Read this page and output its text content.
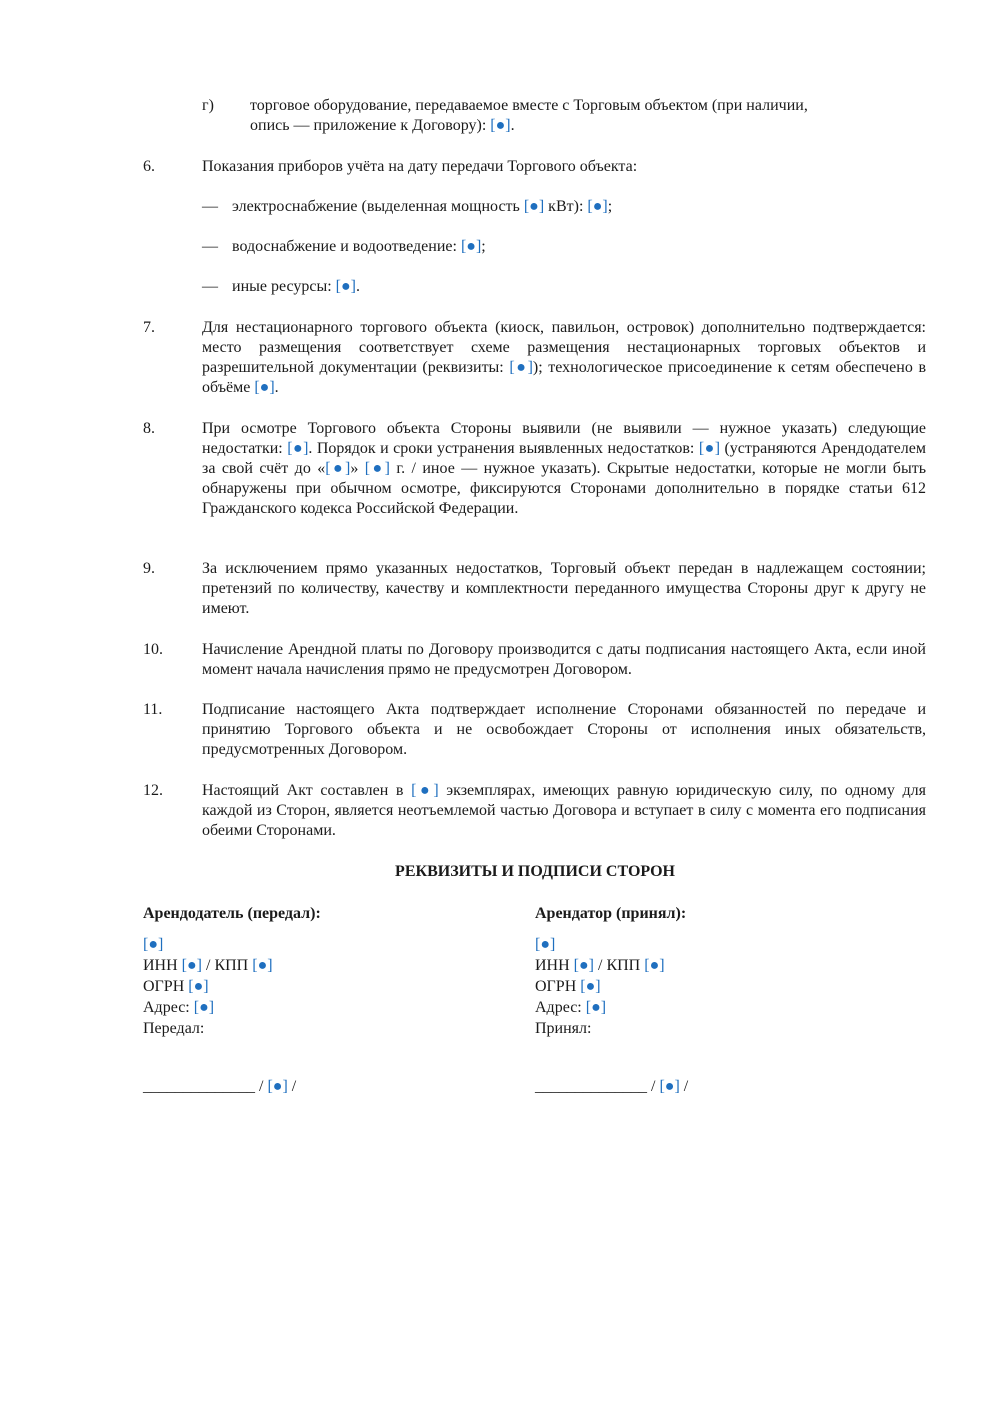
г) торговое оборудование, передаваемое вместе с Торговым объектом (при наличии,
опись — приложение к Договору): [ ● ] .
6.	Показания приборов учёта на дату передачи Торгового объекта:
— электроснабжение (выделенная мощность [ ● ] кВт): [ ● ] ;
— водоснабжение и водоотведение: [ ● ] ;
— иные ресурсы: [ ● ] .
7.	Для нестационарного торгового объекта (киоск, павильон, островок) дополнительно подтверждается: место размещения соответствует схеме размещения нестационарных торговых объектов и разрешительной документации (реквизиты: [ ● ] ); технологическое присоединение к сетям обеспечено в объёме [ ● ] .
8.	При осмотре Торгового объекта Стороны выявили (не выявили — нужное указать) следующие недостатки: [ ● ] . Порядок и сроки устранения выявленных недостатков: [ ● ] (устраняются Арендодателем за свой счёт до «[ ● ] » [ ● ] г. / иное — нужное указать). Скрытые недостатки, которые не могли быть обнаружены при обычном осмотре, фиксируются Сторонами дополнительно в порядке статьи 612 Гражданского кодекса Российской Федерации.
9.	За исключением прямо указанных недостатков, Торговый объект передан в надлежащем состоянии; претензий по количеству, качеству и комплектности переданного имущества Стороны друг к другу не имеют.
10. Начисление Арендной платы по Договору производится с даты подписания настоящего Акта, если иной момент начала начисления прямо не предусмотрен Договором.
11. Подписание настоящего Акта подтверждает исполнение Сторонами обязанностей по передаче и принятию Торгового объекта и не освобождает Стороны от исполнения иных обязательств, предусмотренных Договором.
12. Настоящий Акт составлен в [ ● ] экземплярах, имеющих равную юридическую силу, по одному для каждой из Сторон, является неотъемлемой частью Договора и вступает в силу с момента его подписания обеими Сторонами.
РЕКВИЗИТЫ И ПОДПИСИ СТОРОН
Арендодатель (передал):
[ ● ]
ИНН [ ● ] / КПП [ ● ]
ОГРН [ ● ]
Адрес: [ ● ]
Передал:
______________ / [ ● ] /
Арендатор (принял):
[ ● ]
ИНН [ ● ] / КПП [ ● ]
ОГРН [ ● ]
Адрес: [ ● ]
Принял:
______________ / [ ● ] /
